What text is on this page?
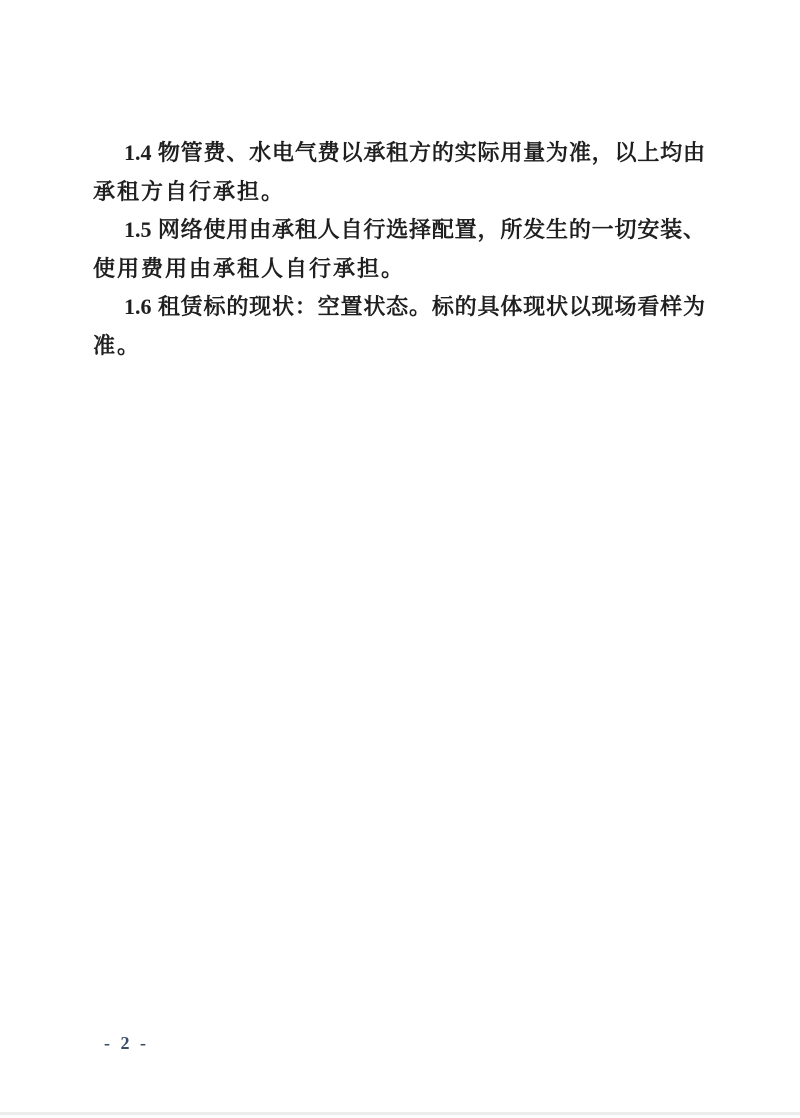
1.4 物管费、水电气费以承租方的实际用量为准，以上均由
承租方自行承担。
1.5 网络使用由承租人自行选择配置，所发生的一切安装、
使用费用由承租人自行承担。
1.6 租赁标的现状：空置状态。标的具体现状以现场看样为
准。
- 2 -
